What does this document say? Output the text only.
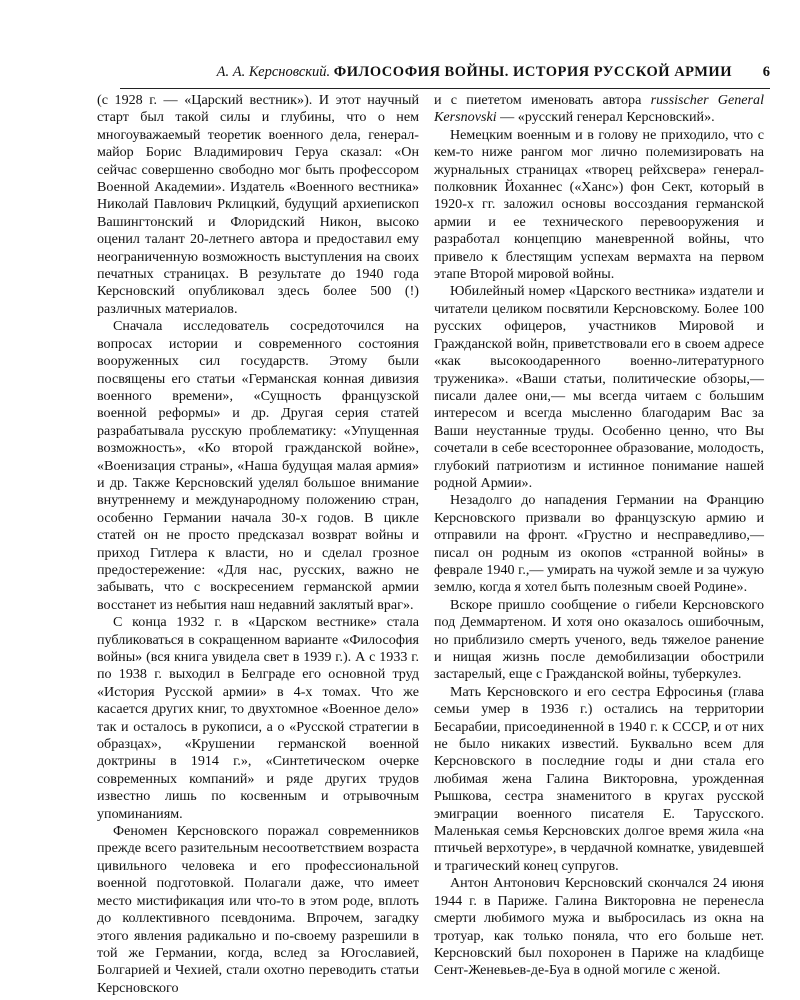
А. А. Керсновский. ФИЛОСОФИЯ ВОЙНЫ. ИСТОРИЯ РУССКОЙ АРМИИ 6

(с 1928 г. — «Царский вестник»). И этот научный старт был такой силы и глубины, что о нем многоуважаемый теоретик военного дела, генерал-майор Борис Владимирович Геруа сказал: «Он сейчас совершенно свободно мог быть профессором Военной Академии». Издатель «Военного вестника» Николай Павлович Рклицкий, будущий архиепископ Вашингтонский и Флоридский Никон, высоко оценил талант 20-летнего автора и предоставил ему неограниченную возможность выступления на своих печатных страницах. В результате до 1940 года Керсновский опубликовал здесь более 500 (!) различных материалов.

Сначала исследователь сосредоточился на вопросах истории и современного состояния вооруженных сил государств. Этому были посвящены его статьи «Германская конная дивизия военного времени», «Сущность французской военной реформы» и др. Другая серия статей разрабатывала русскую проблематику: «Упущенная возможность», «Ко второй гражданской войне», «Военизация страны», «Наша будущая малая армия» и др. Также Керсновский уделял большое внимание внутреннему и международному положению стран, особенно Германии начала 30-х годов. В цикле статей он не просто предсказал возврат войны и приход Гитлера к власти, но и сделал грозное предостережение: «Для нас, русских, важно не забывать, что с воскресением германской армии восстанет из небытия наш недавний заклятый враг».

С конца 1932 г. в «Царском вестнике» стала публиковаться в сокращенном варианте «Философия войны» (вся книга увидела свет в 1939 г.). А с 1933 г. по 1938 г. выходил в Белграде его основной труд «История Русской армии» в 4-х томах. Что же касается других книг, то двухтомное «Военное дело» так и осталось в рукописи, а о «Русской стратегии в образцах», «Крушении германской военной доктрины в 1914 г.», «Синтетическом очерке современных компаний» и ряде других трудов известно лишь по косвенным и отрывочным упоминаниям.

Феномен Керсновского поражал современников прежде всего разительным несоответствием возраста цивильного человека и его профессиональной военной подготовкой. Полагали даже, что имеет место мистификация или что-то в этом роде, вплоть до коллективного псевдонима. Впрочем, загадку этого явления радикально и по-своему разрешили в той же Германии, когда, вслед за Югославией, Болгарией и Чехией, стали охотно переводить статьи Керсновского

и с пиететом именовать автора russischer General Kersnovski — «русский генерал Керсновский».

Немецким военным и в голову не приходило, что с кем-то ниже рангом мог лично полемизировать на журнальных страницах «творец рейхсвера» генерал-полковник Йоханнес («Ханс») фон Сект, который в 1920-х гг. заложил основы воссоздания германской армии и ее технического перевооружения и разработал концепцию маневренной войны, что привело к блестящим успехам вермахта на первом этапе Второй мировой войны.

Юбилейный номер «Царского вестника» издатели и читатели целиком посвятили Керсновскому. Более 100 русских офицеров, участников Мировой и Гражданской войн, приветствовали его в своем адресе «как высокоодаренного военно-литературного труженика». «Ваши статьи, политические обзоры,— писали далее они,— мы всегда читаем с большим интересом и всегда мысленно благодарим Вас за Ваши неустанные труды. Особенно ценно, что Вы сочетали в себе всестороннее образование, молодость, глубокий патриотизм и истинное понимание нашей родной Армии».

Незадолго до нападения Германии на Францию Керсновского призвали во французскую армию и отправили на фронт. «Грустно и несправедливо,— писал он родным из окопов «странной войны» в феврале 1940 г.,— умирать на чужой земле и за чужую землю, когда я хотел быть полезным своей Родине».

Вскоре пришло сообщение о гибели Керсновского под Деммартеном. И хотя оно оказалось ошибочным, но приблизило смерть ученого, ведь тяжелое ранение и нищая жизнь после демобилизации обострили застарелый, еще с Гражданской войны, туберкулез.

Мать Керсновского и его сестра Ефросинья (глава семьи умер в 1936 г.) остались на территории Бесарабии, присоединенной в 1940 г. к СССР, и от них не было никаких известий. Буквально всем для Керсновского в последние годы и дни стала его любимая жена Галина Викторовна, урожденная Рышкова, сестра знаменитого в кругах русской эмиграции военного писателя Е. Тарусского. Маленькая семья Керсновских долгое время жила «на птичьей верхотуре», в чердачной комнатке, увидевшей и трагический конец супругов.

Антон Антонович Керсновский скончался 24 июня 1944 г. в Париже. Галина Викторовна не перенесла смерти любимого мужа и выбросилась из окна на тротуар, как только поняла, что его больше нет. Керсновский был похоронен в Париже на кладбище Сент-Женевьев-де-Буа в одной могиле с женой.
